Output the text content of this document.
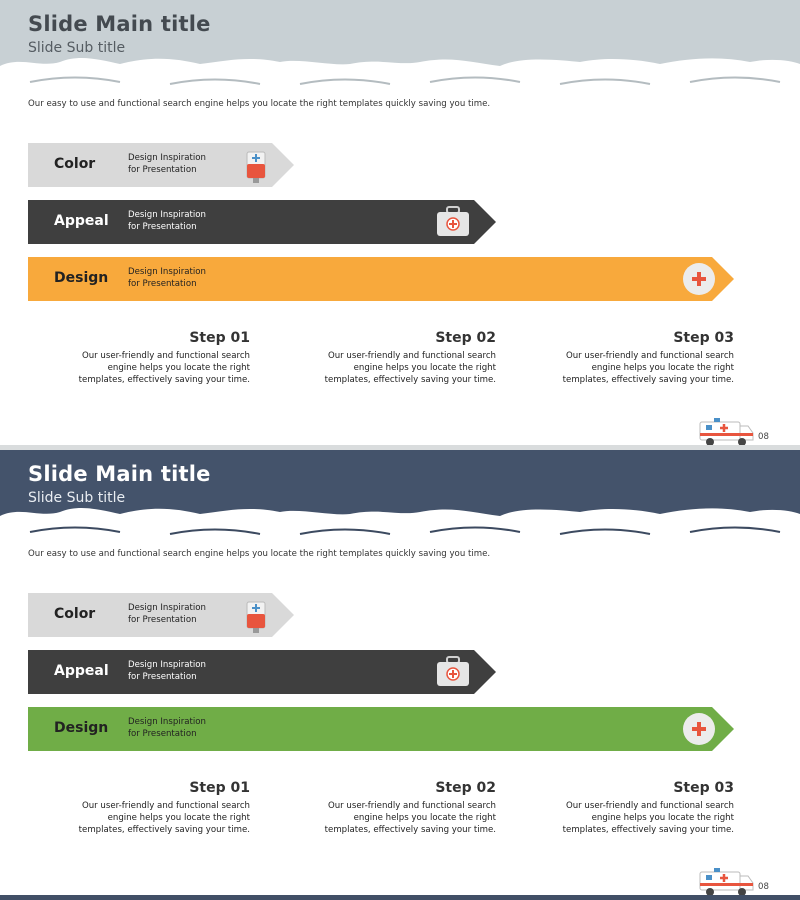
Slide Main title
Slide Sub title
Our easy to use and functional search engine helps you locate the right templates quickly saving you time.
Color	Design Inspiration
for Presentation
Appeal Design Inspiration
for Presentation
Design Design Inspiration
for Presentation
Step 01
Our user-friendly and functional search
engine helps you locate the right
templates, effectively saving your time.
Step 02
Our user-friendly and functional search
engine helps you locate the right
templates, effectively saving your time.
Step 03
Our user-friendly and functional search
engine helps you locate the right
templates, effectively saving your time.
08
Slide Main title
Slide Sub title
Our easy to use and functional search engine helps you locate the right templates quickly saving you time.
Color	Design Inspiration
for Presentation
Appeal Design Inspiration
for Presentation
Design Design Inspiration
for Presentation
Step 01
Our user-friendly and functional search
engine helps you locate the right
templates, effectively saving your time.
Step 02
Our user-friendly and functional search
engine helps you locate the right
templates, effectively saving your time.
Step 03
Our user-friendly and functional search
engine helps you locate the right
templates, effectively saving your time.
08
